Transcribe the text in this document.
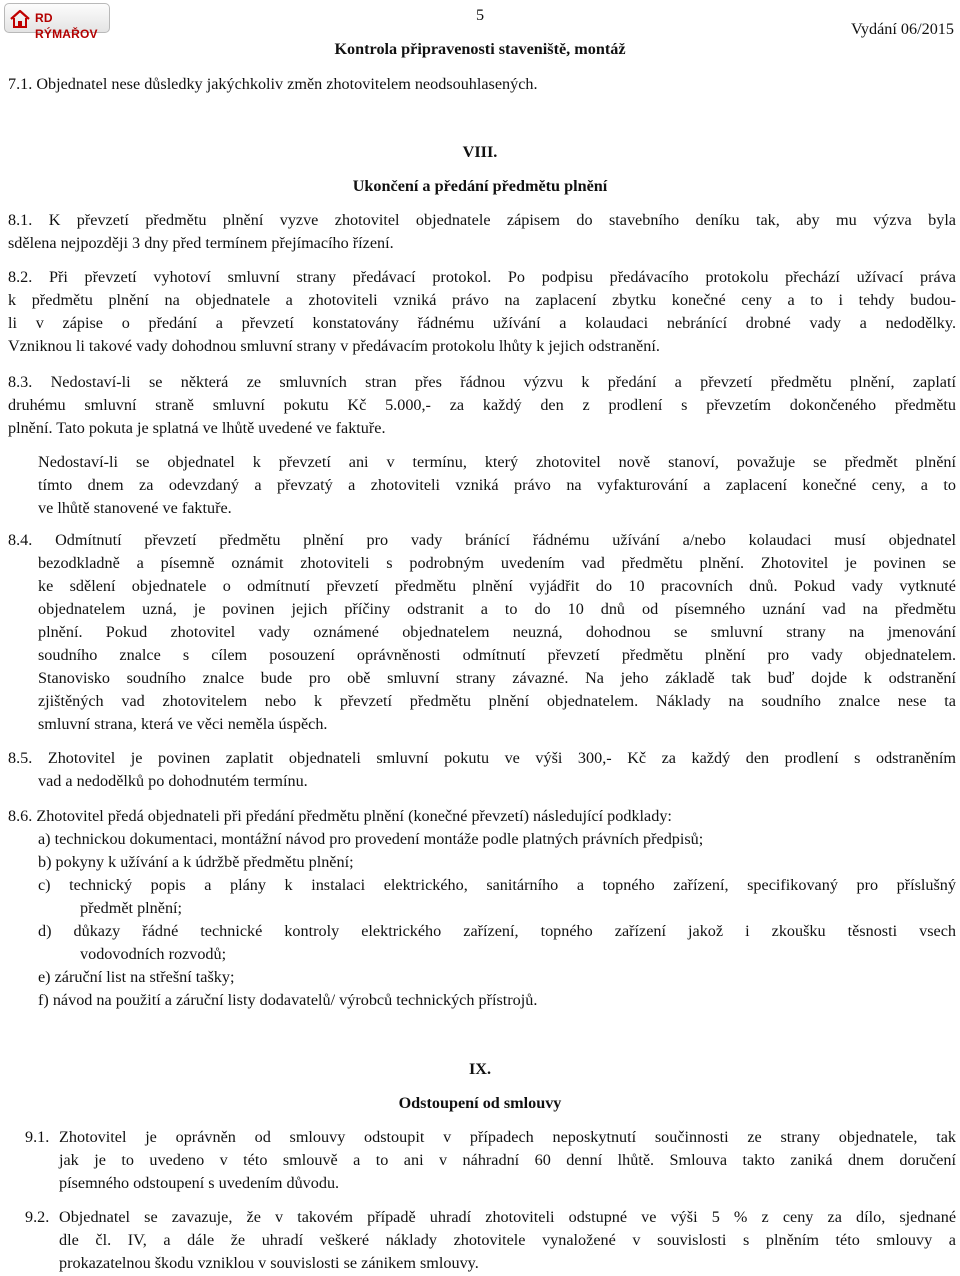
RD RÝMAŘOV
5
Vydání 06/2015
Kontrola připravenosti staveniště, montáž

7.1. Objednatel nese důsledky jakýchkoliv změn zhotovitelem neodsouhlasených.

VIII.
Ukončení a předání předmětu plnění

8.1. K převzetí předmětu plnění vyzve zhotovitel objednatele zápisem do stavebního deníku tak, aby mu výzva byla

sdělena nejpozději 3 dny před termínem přejímacího řízení.

8.2. Při převzetí vyhotoví smluvní strany předávací protokol. Po podpisu předávacího protokolu přechází užívací práva

k předmětu plnění na objednatele a zhotoviteli vzniká právo na zaplacení zbytku konečné ceny a to i tehdy budou-

li v zápise o předání a převzetí konstatovány řádnému užívání a kolaudaci nebránící drobné vady a nedodělky.

Vzniknou li takové vady dohodnou smluvní strany v předávacím protokolu lhůty k jejich odstranění.

8.3. Nedostaví-li se některá ze smluvních stran přes řádnou výzvu k předání a převzetí předmětu plnění, zaplatí

druhému smluvní straně smluvní pokutu Kč 5.000,- za každý den z prodlení s převzetím dokončeného předmětu

plnění. Tato pokuta je splatná ve lhůtě uvedené ve faktuře.

Nedostaví-li se objednatel k převzetí ani v termínu, který zhotovitel nově stanoví, považuje se předmět plnění

tímto dnem za odevzdaný a převzatý a zhotoviteli vzniká právo na vyfakturování a zaplacení konečné ceny, a to

ve lhůtě stanovené ve faktuře.

8.4. Odmítnutí převzetí předmětu plnění pro vady bránící řádnému užívání a/nebo kolaudaci musí objednatel

bezodkladně a písemně oznámit zhotoviteli s podrobným uvedením vad předmětu plnění. Zhotovitel je povinen se

ke sdělení objednatele o odmítnutí převzetí předmětu plnění vyjádřit do 10 pracovních dnů. Pokud vady vytknuté

objednatelem uzná, je povinen jejich příčiny odstranit a to do 10 dnů od písemného uznání vad na předmětu

plnění. Pokud zhotovitel vady oznámené objednatelem neuzná, dohodnou se smluvní strany na jmenování

soudního znalce s cílem posouzení oprávněnosti odmítnutí převzetí předmětu plnění pro vady objednatelem.

Stanovisko soudního znalce bude pro obě smluvní strany závazné. Na jeho základě tak buď dojde k odstranění

zjištěných vad zhotovitelem nebo k převzetí předmětu plnění objednatelem. Náklady na soudního znalce nese ta

smluvní strana, která ve věci neměla úspěch.

8.5. Zhotovitel je povinen zaplatit objednateli smluvní pokutu ve výši 300,- Kč za každý den prodlení s odstraněním

vad a nedodělků po dohodnutém termínu.

8.6. Zhotovitel předá objednateli při předání předmětu plnění (konečné převzetí) následující podklady:

a) technickou dokumentaci, montážní návod pro provedení montáže podle platných právních předpisů;

b) pokyny k užívání a k údržbě předmětu plnění;

c) technický popis a plány k instalaci elektrického, sanitárního a topného zařízení, specifikovaný pro příslušný

předmět plnění;

d) důkazy řádné technické kontroly elektrického zařízení, topného zařízení jakož i zkoušku těsnosti vsech

vodovodních rozvodů;

e) záruční list na střešní tašky;

f) návod na použití a záruční listy dodavatelů/ výrobců technických přístrojů.

IX.
Odstoupení od smlouvy
9.1. Zhotovitel je oprávněn od smlouvy odstoupit v případech neposkytnutí součinnosti ze strany objednatele, tak

jak je to uvedeno v této smlouvě a to ani v náhradní 60 denní lhůtě. Smlouva takto zaniká dnem doručení

písemného odstoupení s uvedením důvodu.

9.2. Objednatel se zavazuje, že v takovém případě uhradí zhotoviteli odstupné ve výši 5 % z ceny za dílo, sjednané

dle čl. IV, a dále že uhradí veškeré náklady zhotovitele vynaložené v souvislosti s plněním této smlouvy a

prokazatelnou škodu vzniklou v souvislosti se zánikem smlouvy.
